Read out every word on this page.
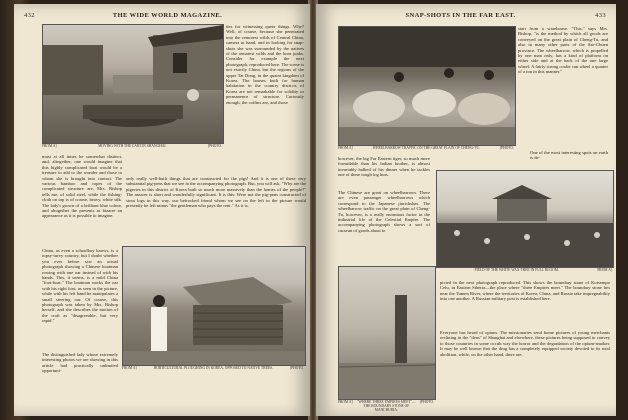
432	THE WIDE WORLD MAGAZINE.
FROM A]	MOVING WITH THE CART IN SHANGHAI.	[PHOTO.
ties for witnessing queer things. Why? Well, of course, because she penetrated into the remotest wilds of Central China, camera in hand, and in looking for snap-shots she was surrounded by the natives of the remotest wilds and the horn junks. Consider for example the next photograph, reproduced here. The scene is not exactly China, but the regions of the upper Tai Dong, in the quaint kingdom of Korea. The houses built for human habitation in the country districts of Korea are not remarkable for solidity or permanence of structure. Curiously enough, the coffins are, and those
must at all times be somewhat distinct, and, altogether, one would imagine that this highly complicated boat would be a treasure to add to the wonder and those to whom she is brought into contact. The various bamboo and ropes of the complicated structure are, Mrs. Bishop tells me, of solid steel, while the fishing-cloth on top is of coarse, heavy, white silk. The lady's grown of a brilliant blue colour, and altogether the presents as bizarre an appearance as it is possible to imagine.
only really well-built things that are constructed for the pigs! And it is one of these very substantial pig-pens that we see in the accompanying photograph. But, you will ask, "Why are the pigeries in this district of Korea built so much more massively than the homes of the people?" The answer is short and wonderfully significant. It is this: Were not the pig-pens constructed of stout logs in this way, our befrocked friend whom we see on the left in the picture would presently be left minus "the gentleman who pays the rent." As it is,
FROM A]	HORTICULTURAL PLOUGHING IN KOREA, OPPOSED TO NATIVE TREES.	[PHOTO.
China, as even a schoolboy knows, is a topsy-turvy country, but I doubt whether you ever before saw an actual photograph showing a Chinese boatman rowing with one oar instead of with his hands. This, it seems, is a mild China "foot-boat." The boatman works the oar with his right foot, as seen in the picture, while with his left hand he manipulates a small steering oar. Of course, this photograph was taken by Mrs. Bishop herself, and she describes the motion of the craft as "disagreeable, but very rapid."
The distinguished lady whose extremely interesting photos we are showing in this article had practically unlimited opportuni-
SNAP-SHOTS IN THE FAR EAST.	433
FROM A]	WHEELBARROW TRAFFIC ON THE GREAT PLAIN OF CHENG-TU.	[PHOTO.
start from a warehouse. "This," says Mrs. Bishop, "is the method by which all goods are conveyed on the great plain of Cheng-Tu, and also in many other parts of the Sze-Chuen province. The wheelbarrow, which is propelled by one man only, has a kind of platform on either side and at the back of the one large wheel. A fairly strong coolie can wheel a quarter of a ton in this manner."
One of the most interesting spots on earth is de-
however, the big Far Eastern tiger, so much more formidable than his Indian brother, is almost invariably balked of his dinner when he tackles one of these tough log huts.
The Chinese are great on wheelbarrows. There are even passenger wheelbarrows which correspond to the Japanese jinrickshas. The wheelbarrow traffic on the great plain of Cheng-Tu, however, is a really enormous factor in the industrial life of the Celestial Empire. The accompanying photograph shows a sort of caravan of goods about to
FIELD OF THE WHITE WAX-TREE IN FULL BLOOM.	FROM A]
FROM A]	"WHERE THREE EMPIRES MEET"—THE BOUNDARY STONE OF MANCHURIA.
[PHOTO.
picted in the next photograph reproduced. This shows the boundary stone of Kotsempo Celu, in Eastern Siberia—the place where "three Empires meet." The boundary stone lies near the Tumen River, where the territories of Korea, China, and Russia take impregnability into one another. A Russian military post is established here.
Everyone has heard of opium. The missionaries send home pictures of young merchants reclining in the "dens" of Shanghai and elsewhere, these pictures being supposed to convey to those countries in some occult way the horror and the degradation of the opium-smoker. It may be well known that the drug has a completely equipped society devoted to its total abolition, while, on the other hand, there are,
